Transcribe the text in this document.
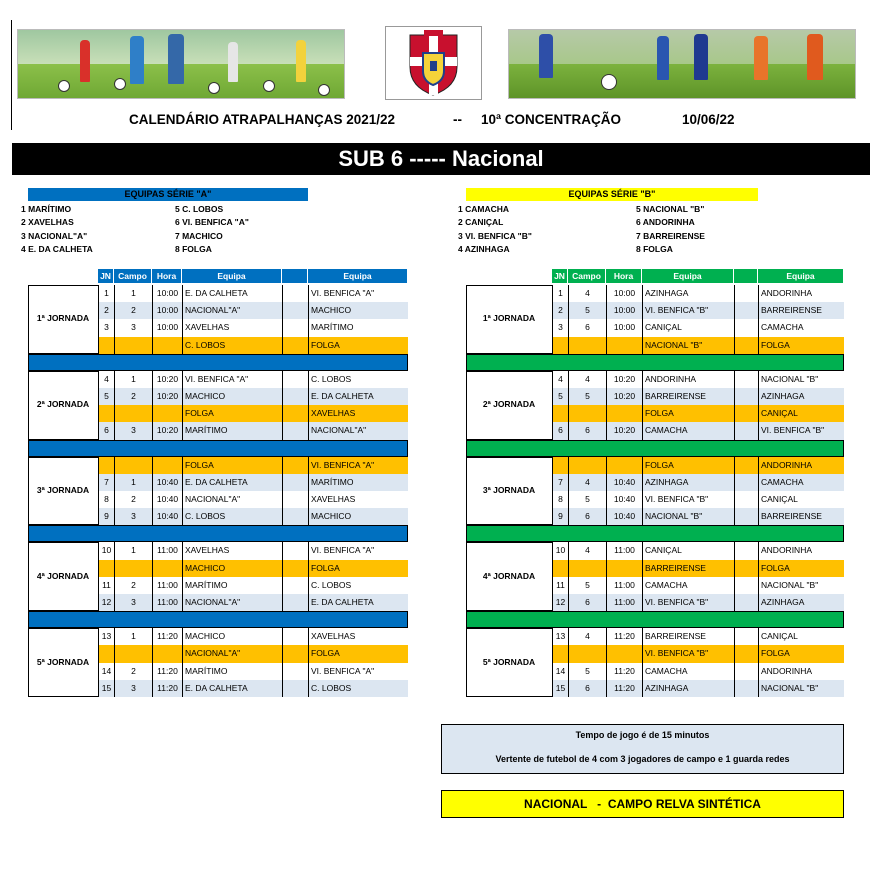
CALENDÁRIO ATRAPALHANÇAS 2021/22	-- 10ª CONCENTRAÇÃO	10/06/22
SUB 6 ----- Nacional
EQUIPAS SÉRIE "A"
1 MARÍTIMO
2 XAVELHAS
3 NACIONAL"A"
4 E. DA CALHETA
5 C. LOBOS
6 VI. BENFICA "A"
7 MACHICO
8 FOLGA
EQUIPAS SÉRIE "B"
1 CAMACHA
2 CANIÇAL
3 VI. BENFICA "B"
4 AZINHAGA
5 NACIONAL "B"
6 ANDORINHA
7 BARREIRENSE
8 FOLGA
JN Campo	Hora	Equipa	Equipa
1ª JORNADA
1	1	10:00 E. DA CALHETA	VI. BENFICA "A"
2	2	10:00 NACIONAL"A"	MACHICO
3	3	10:00 XAVELHAS	MARÍTIMO
C. LOBOS	FOLGA
2ª JORNADA
4	1	10:20 VI. BENFICA "A"	C. LOBOS
5	2	10:20 MACHICO	E. DA CALHETA
FOLGA	XAVELHAS
6	3	10:20 MARÍTIMO	NACIONAL"A"
3ª JORNADA
FOLGA	VI. BENFICA "A"
7	1	10:40 E. DA CALHETA	MARÍTIMO
8	2	10:40 NACIONAL"A"	XAVELHAS
9	3	10:40 C. LOBOS	MACHICO
4ª JORNADA
10	1	11:00 XAVELHAS	VI. BENFICA "A"
MACHICO	FOLGA
11	2	11:00 MARÍTIMO	C. LOBOS
12	3	11:00 NACIONAL"A"	E. DA CALHETA
5ª JORNADA
13	1	11:20 MACHICO	XAVELHAS
NACIONAL"A"	FOLGA
14	2	11:20 MARÍTIMO	VI. BENFICA "A"
15	3	11:20 E. DA CALHETA	C. LOBOS
JN Campo	Hora	Equipa	Equipa
1ª JORNADA
1	4	10:00	AZINHAGA	ANDORINHA
2	5	10:00	VI. BENFICA "B"	BARREIRENSE
3	6	10:00	CANIÇAL	CAMACHA
NACIONAL "B"	FOLGA
2ª JORNADA
4	4	10:20	ANDORINHA	NACIONAL "B"
5	5	10:20	BARREIRENSE	AZINHAGA
FOLGA	CANIÇAL
6	6	10:20	CAMACHA	VI. BENFICA "B"
3ª JORNADA
FOLGA	ANDORINHA
7	4	10:40	AZINHAGA	CAMACHA
8	5	10:40	VI. BENFICA "B"	CANIÇAL
9	6	10:40	NACIONAL "B"	BARREIRENSE
4ª JORNADA
10	4	11:00	CANIÇAL	ANDORINHA
BARREIRENSE	FOLGA
11	5	11:00	CAMACHA	NACIONAL "B"
12	6	11:00	VI. BENFICA "B"	AZINHAGA
5ª JORNADA
13	4	11:20	BARREIRENSE	CANIÇAL
VI. BENFICA "B"	FOLGA
14	5	11:20	CAMACHA	ANDORINHA
15	6	11:20	AZINHAGA	NACIONAL "B"
Tempo de jogo é de 15 minutos
Vertente de futebol de 4 com 3 jogadores de campo e 1 guarda redes
NACIONAL   -  CAMPO RELVA SINTÉTICA
